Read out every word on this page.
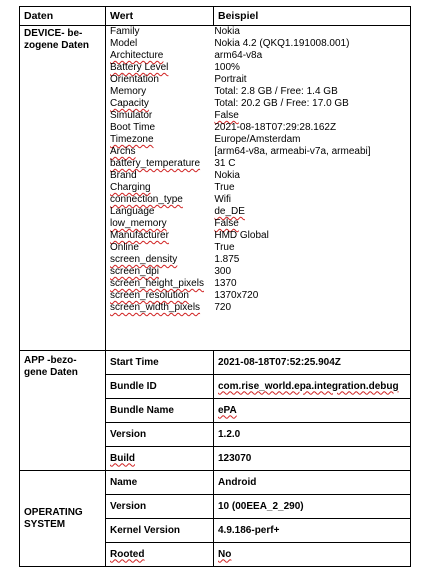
Daten	Wert	Beispiel
DEVICE- be-
zogene Daten	
Family	Nokia
Model	Nokia 4.2 (QKQ1.191008.001)
Architecture	arm64-v8a
Battery Level	100%
Orientation	Portrait
Memory	Total: 2.8 GB / Free: 1.4 GB
Capacity	Total: 20.2 GB / Free: 17.0 GB
Simulator	False
Boot Time	2021-08-18T07:29:28.162Z
Timezone	Europe/Amsterdam
Archs	[arm64-v8a, armeabi-v7a, armeabi]
battery_temperature	31 C
Brand	Nokia
Charging	True
connection_type	Wifi
Language	de_DE
low_memory	False
Manufacturer	HMD Global
Online	True
screen_density	1.875
screen_dpi	300
screen_height_pixels	1370
screen_resolution	1370x720
screen_width_pixels	720

APP -bezo-
gene Daten	Start Time	2021-08-18T07:52:25.904Z
Bundle ID	com.rise_world.epa.integration.debug
Bundle Name	ePA
Version	1.2.0
Build	123070
OPERATING
SYSTEM	Name	Android
Version	10 (00EEA_2_290)
Kernel Version	4.9.186-perf+
Rooted	No
